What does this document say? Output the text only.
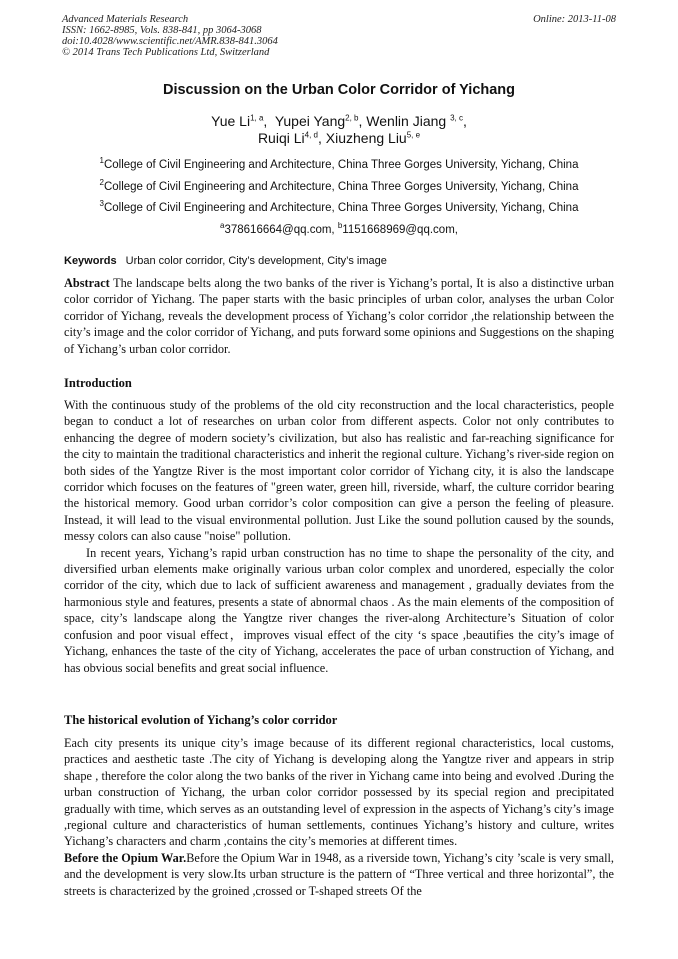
Advanced Materials Research
ISSN: 1662-8985, Vols. 838-841, pp 3064-3068
doi:10.4028/www.scientific.net/AMR.838-841.3064
© 2014 Trans Tech Publications Ltd, Switzerland
Online: 2013-11-08
Discussion on the Urban Color Corridor of Yichang
Yue Li$^{1, a}$,  Yupei Yang$^{2, b}$, Wenlin Jiang $^{3, c}$,
Ruiqi Li$^{4, d}$, Xiuzheng Liu$^{5, e}$
$^1$College of Civil Engineering and Architecture, China Three Gorges University, Yichang, China
$^2$College of Civil Engineering and Architecture, China Three Gorges University, Yichang, China
$^3$College of Civil Engineering and Architecture, China Three Gorges University, Yichang, China
$^a$378616664@qq.com, $^b$1151668969@qq.com,
Keywords Urban color corridor, City’s development, City’s image

Abstract The landscape belts along the two banks of the river is Yichang’s portal, It is also a distinctive urban color corridor of Yichang. The paper starts with the basic principles of urban color, analyses the urban Color corridor of Yichang, reveals the development process of Yichang’s color corridor ,the relationship between the city’s image and the color corridor of Yichang, and puts forward some opinions and Suggestions on the shaping of Yichang’s urban color corridor.

Introduction

With the continuous study of the problems of the old city reconstruction and the local characteristics, people began to conduct a lot of researches on urban color from different aspects. Color not only contributes to enhancing the degree of modern society’s civilization, but also has realistic and far-reaching significance for the city to maintain the traditional characteristics and inherit the regional culture. Yichang’s river-side region on both sides of the Yangtze River is the most important color corridor of Yichang city, it is also the landscape corridor which focuses on the features of "green water, green hill, riverside, wharf, the culture corridor bearing the historical memory. Good urban corridor’s color composition can give a person the feeling of pleasure. Instead, it will lead to the visual environmental pollution. Just Like the sound pollution caused by the sounds, messy colors can also cause "noise" pollution.

In recent years, Yichang’s rapid urban construction has no time to shape the personality of the city, and diversified urban elements make originally various urban color complex and unordered, especially the color corridor of the city, which due to lack of sufficient awareness and management , gradually deviates from the harmonious style and features, presents a state of abnormal chaos . As the main elements of the composition of space, city’s landscape along the Yangtze river changes the river-along Architecture’s Situation of color confusion and poor visual effect，improves visual effect of the city ‘s space ,beautifies the city’s image of Yichang, enhances the taste of the city of Yichang, accelerates the pace of urban construction of Yichang, and has obvious social benefits and great social influence.

The historical evolution of Yichang’s color corridor

Each city presents its unique city’s image because of its different regional characteristics, local customs, practices and aesthetic taste .The city of Yichang is developing along the Yangtze river and appears in strip shape , therefore the color along the two banks of the river in Yichang came into being and evolved .During the urban construction of Yichang, the urban color corridor possessed by its special region and precipitated gradually with time, which serves as an outstanding level of expression in the aspects of Yichang’s city’s image ,regional culture and characteristics of human settlements, continues Yichang’s history and culture, writes Yichang’s characters and charm ,contains the city’s memories at different times.

Before the Opium War.Before the Opium War in 1948, as a riverside town, Yichang’s city ’scale is very small, and the development is very slow.Its urban structure is the pattern of “Three vertical and three horizontal”, the streets is characterized by the groined ,crossed or T-shaped streets Of the
